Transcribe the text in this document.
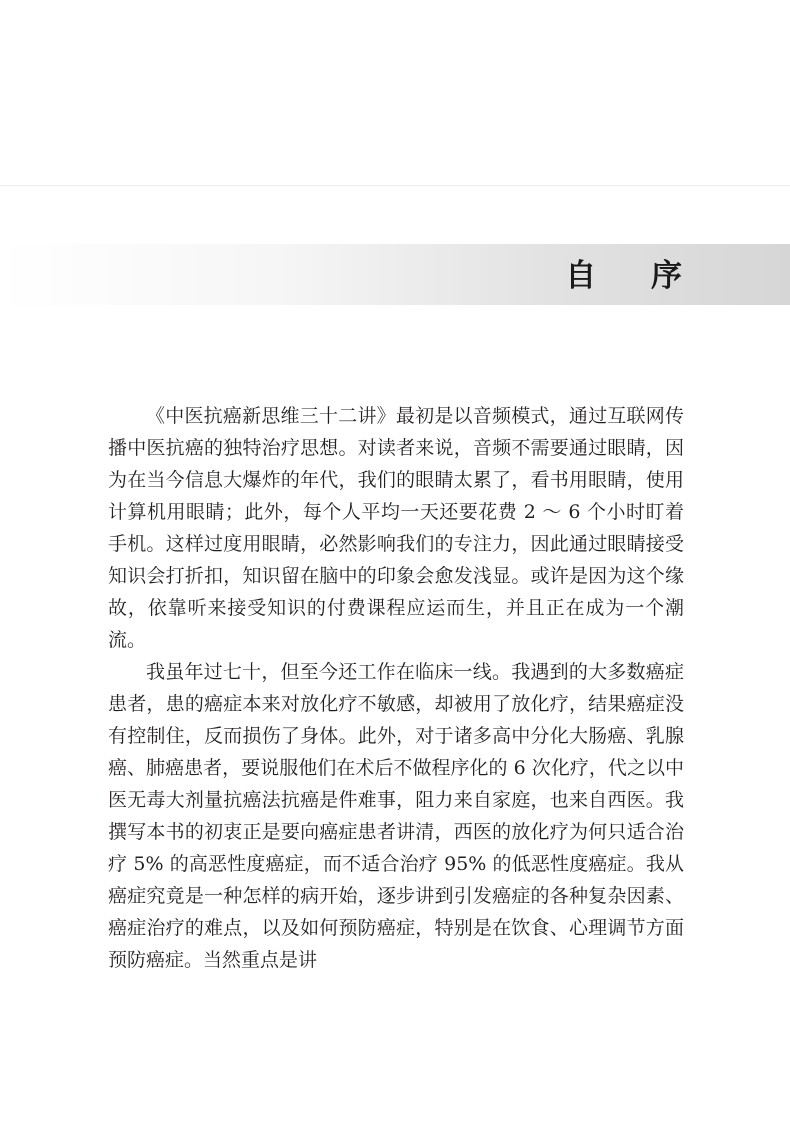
自 序

《中医抗癌新思维三十二讲》最初是以音频模式，通过互联网传播中医抗癌的独特治疗思想。对读者来说，音频不需要通过眼睛，因为在当今信息大爆炸的年代，我们的眼睛太累了，看书用眼睛，使用计算机用眼睛；此外，每个人平均一天还要花费 2 ～ 6 个小时盯着手机。这样过度用眼睛，必然影响我们的专注力，因此通过眼睛接受知识会打折扣，知识留在脑中的印象会愈发浅显。或许是因为这个缘故，依靠听来接受知识的付费课程应运而生，并且正在成为一个潮流。

我虽年过七十，但至今还工作在临床一线。我遇到的大多数癌症患者，患的癌症本来对放化疗不敏感，却被用了放化疗，结果癌症没有控制住，反而损伤了身体。此外，对于诸多高中分化大肠癌、乳腺癌、肺癌患者，要说服他们在术后不做程序化的 6 次化疗，代之以中医无毒大剂量抗癌法抗癌是件难事，阻力来自家庭，也来自西医。我撰写本书的初衷正是要向癌症患者讲清，西医的放化疗为何只适合治疗 5% 的高恶性度癌症，而不适合治疗 95% 的低恶性度癌症。我从癌症究竟是一种怎样的病开始，逐步讲到引发癌症的各种复杂因素、癌症治疗的难点，以及如何预防癌症，特别是在饮食、心理调节方面预防癌症。当然重点是讲
